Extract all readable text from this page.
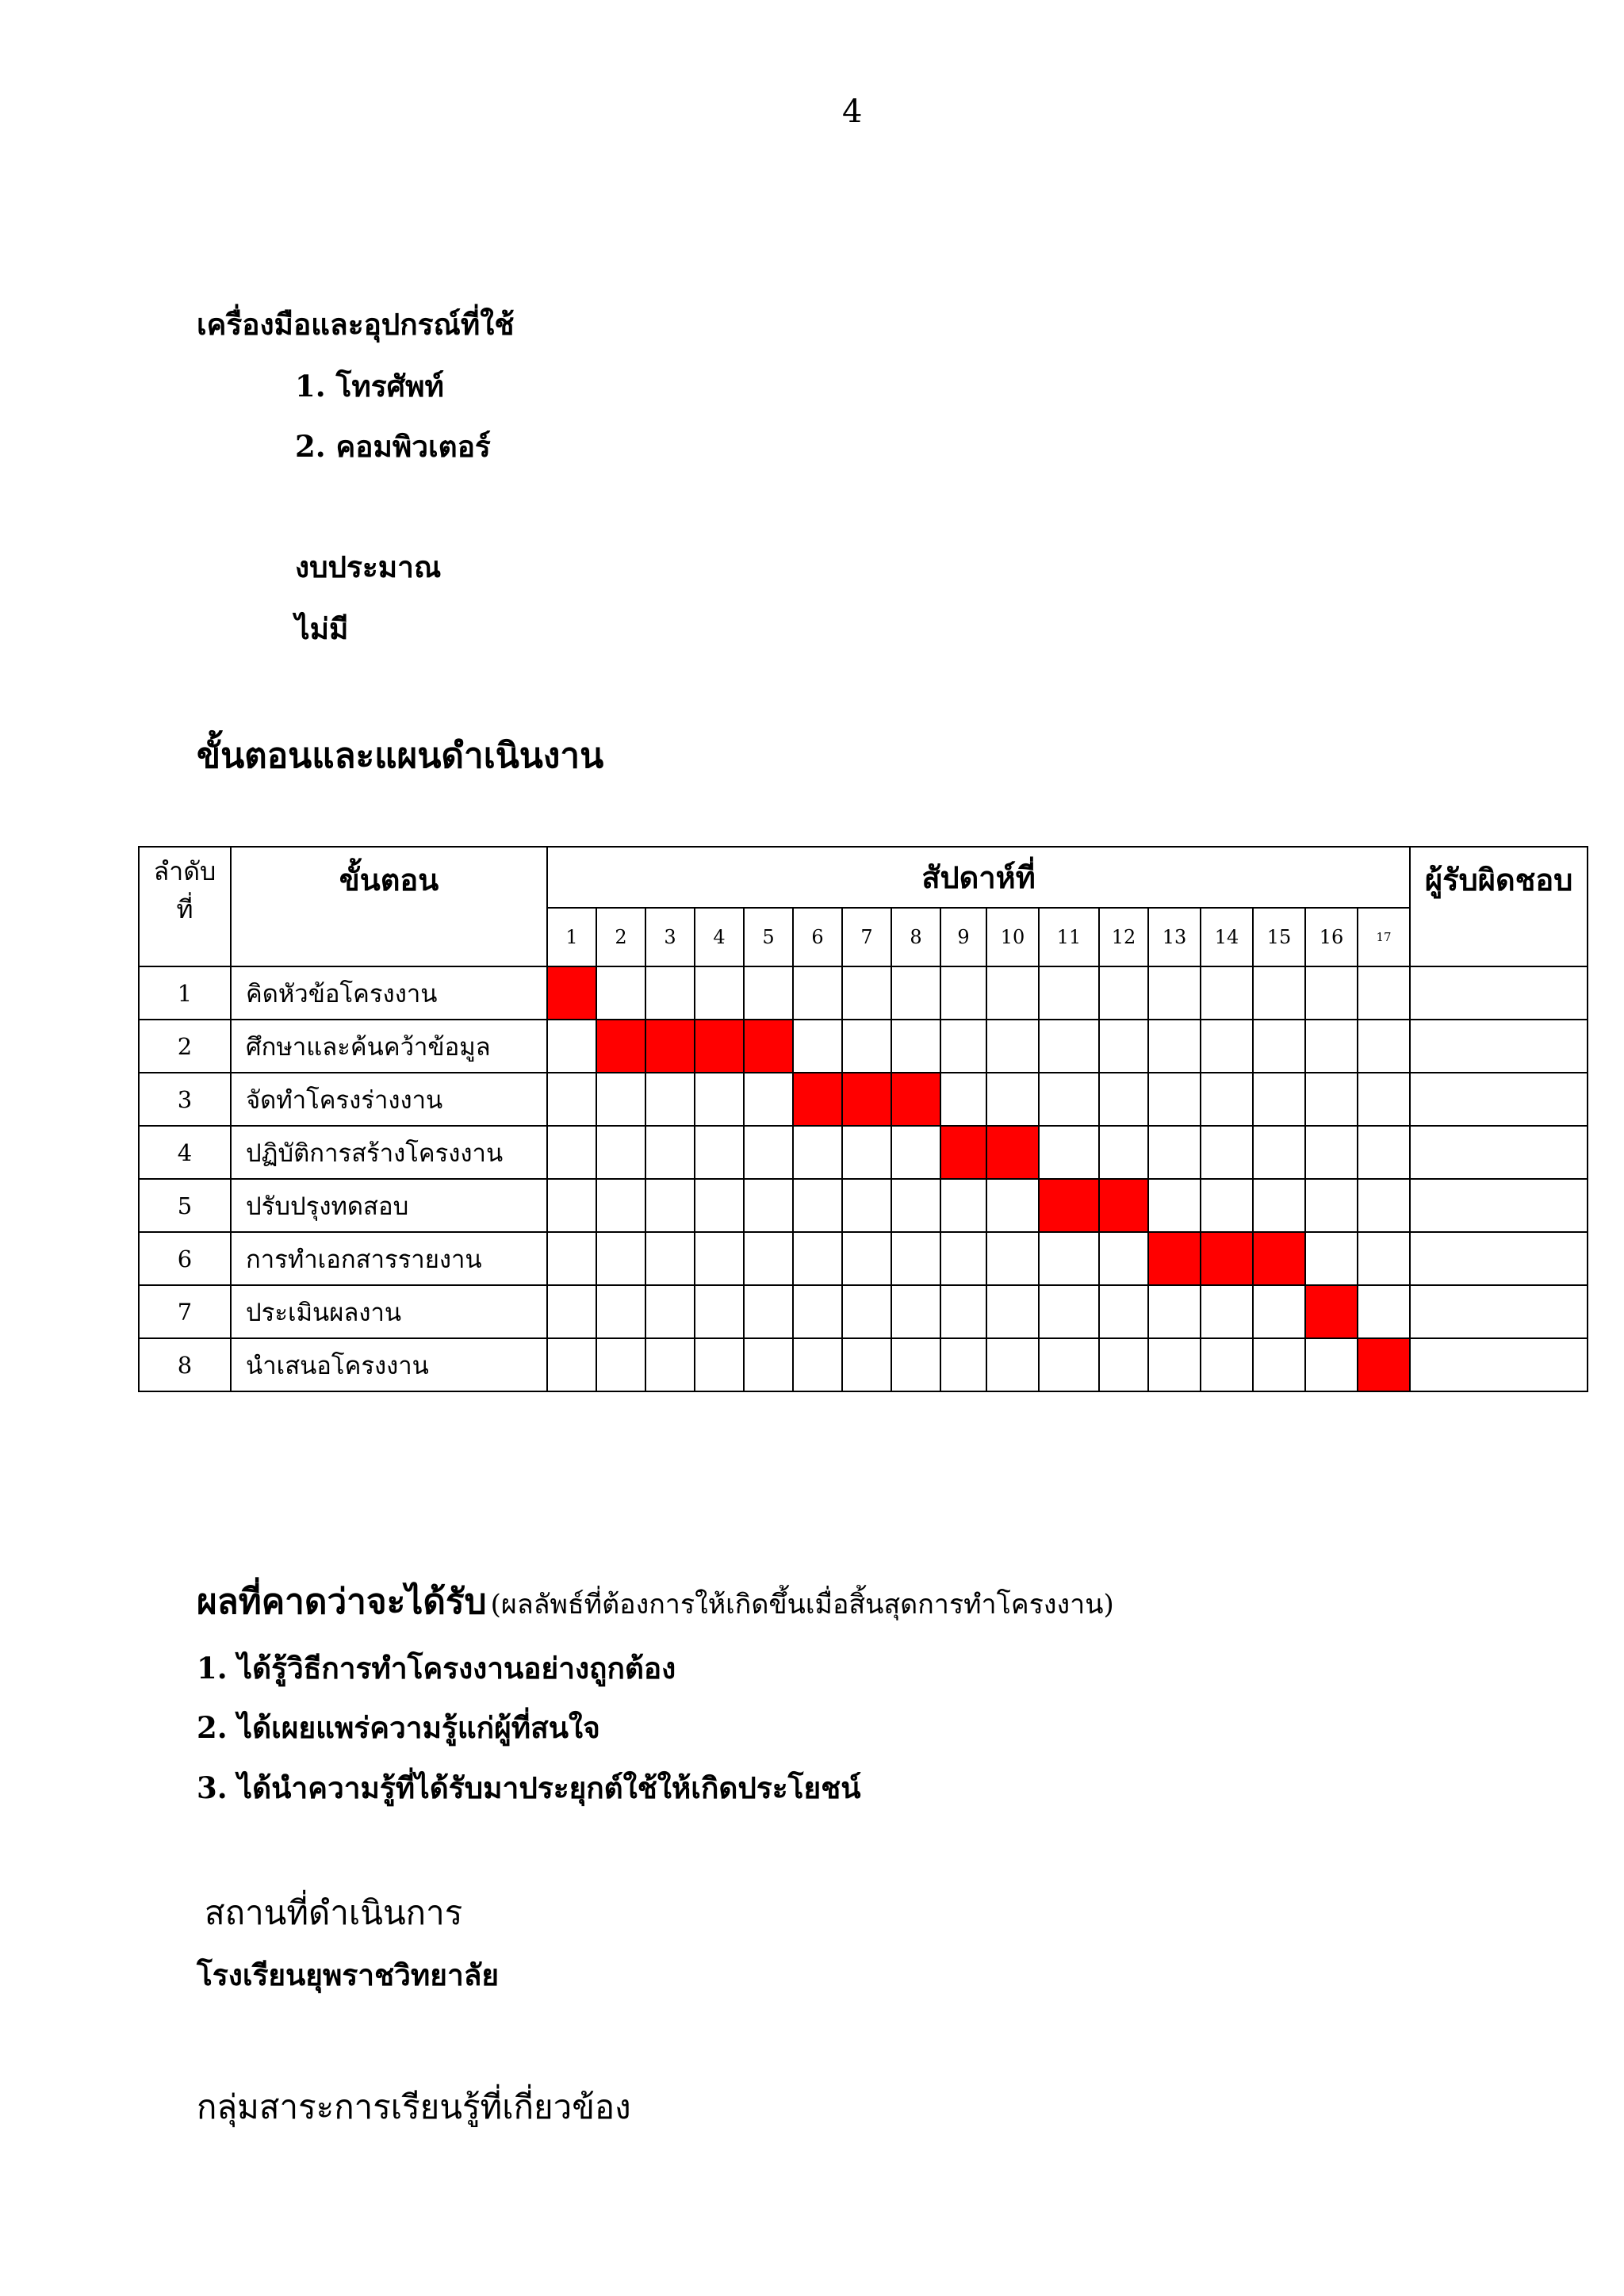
4
เครื่องมือและอุปกรณ์ที่ใช้
1. โทรศัพท์
2. คอมพิวเตอร์
งบประมาณ
ไม่มี
ขั้นตอนและแผนดำเนินงาน
ลำดับ
ที่	ขั้นตอน	สัปดาห์ที่																	ผู้รับผิดชอบ
		1	2	3	4	5	6	7	8	9	10	11	12	13	14	15	16	17	
1	คิดหัวข้อโครงงาน																		
2	ศึกษาและค้นคว้าข้อมูล																		
3	จัดทำโครงร่างงาน																		
4	ปฏิบัติการสร้างโครงงาน																		
5	ปรับปรุงทดสอบ																		
6	การทำเอกสารรายงาน																		
7	ประเมินผลงาน																		
8	นำเสนอโครงงาน																		
ผลที่คาดว่าจะได้รับ (ผลลัพธ์ที่ต้องการให้เกิดขึ้นเมื่อสิ้นสุดการทำโครงงาน)
1. ได้รู้วิธีการทำโครงงานอย่างถูกต้อง
2. ได้เผยแพร่ความรู้แก่ผู้ที่สนใจ
3. ได้นำความรู้ที่ได้รับมาประยุกต์ใช้ให้เกิดประโยชน์
สถานที่ดำเนินการ
โรงเรียนยุพราชวิทยาลัย
กลุ่มสาระการเรียนรู้ที่เกี่ยวข้อง
